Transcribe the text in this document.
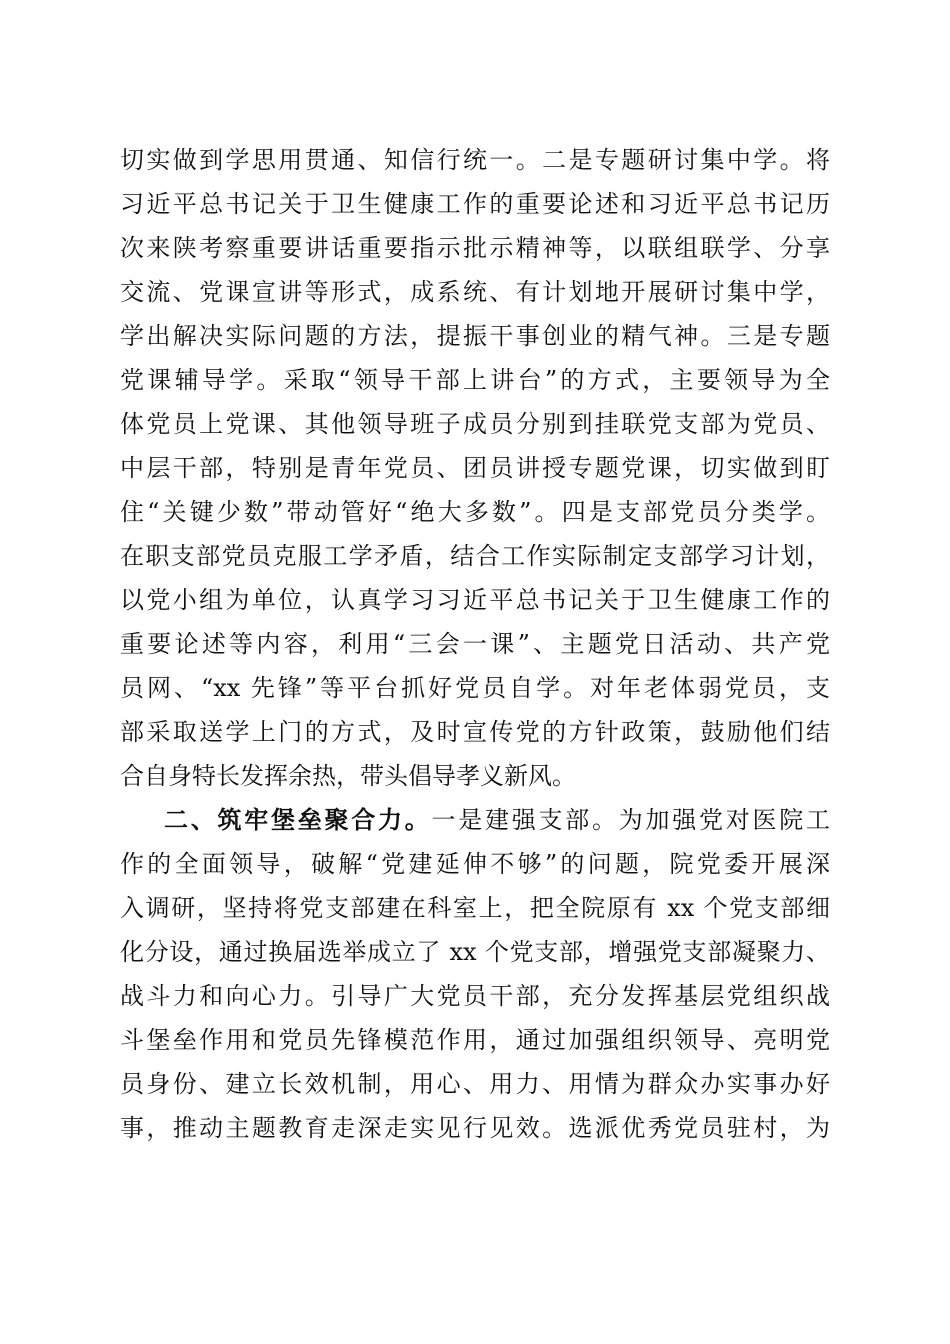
切实做到学思用贯通、知信行统一。二是专题研讨集中学。将
习近平总书记关于卫生健康工作的重要论述和习近平总书记历
次来陕考察重要讲话重要指示批示精神等，以联组联学、分享
交流、党课宣讲等形式，成系统、有计划地开展研讨集中学，
学出解决实际问题的方法，提振干事创业的精气神。三是专题
党课辅导学。采取“领导干部上讲台”的方式，主要领导为全
体党员上党课、其他领导班子成员分别到挂联党支部为党员、
中层干部，特别是青年党员、团员讲授专题党课，切实做到盯
住“关键少数”带动管好“绝大多数”。四是支部党员分类学。
在职支部党员克服工学矛盾，结合工作实际制定支部学习计划，
以党小组为单位，认真学习习近平总书记关于卫生健康工作的
重要论述等内容，利用“三会一课”、主题党日活动、共产党
员网、“xx 先锋”等平台抓好党员自学。对年老体弱党员，支
部采取送学上门的方式，及时宣传党的方针政策，鼓励他们结
合自身特长发挥余热，带头倡导孝义新风。
二、筑牢堡垒聚合力。一是建强支部。为加强党对医院工
作的全面领导，破解“党建延伸不够”的问题，院党委开展深
入调研，坚持将党支部建在科室上，把全院原有 xx 个党支部细
化分设，通过换届选举成立了 xx 个党支部，增强党支部凝聚力、
战斗力和向心力。引导广大党员干部，充分发挥基层党组织战
斗堡垒作用和党员先锋模范作用，通过加强组织领导、亮明党
员身份、建立长效机制，用心、用力、用情为群众办实事办好
事，推动主题教育走深走实见行见效。选派优秀党员驻村，为
